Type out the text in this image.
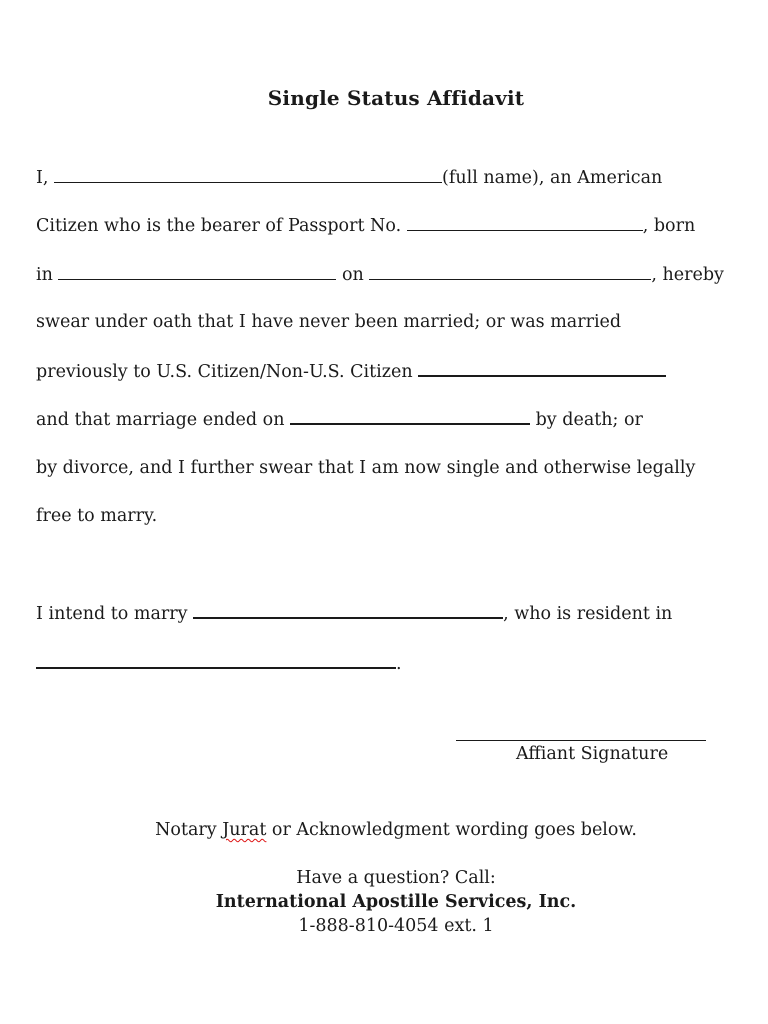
Single Status Affidavit
I,	(full name), an American
Citizen who is the bearer of Passport No.	, born
in	on	, hereby
swear under oath that I have never been married; or was married
previously to U.S. Citizen/Non-U.S. Citizen
and that marriage ended on	by death; or
by divorce, and I further swear that I am now single and otherwise legally
free to marry.
I intend to marry	, who is resident in
.
Affiant Signature
Notary Jurat or Acknowledgment wording goes below.
Have a question? Call:
International Apostille Services, Inc.
1-888-810-4054 ext. 1
